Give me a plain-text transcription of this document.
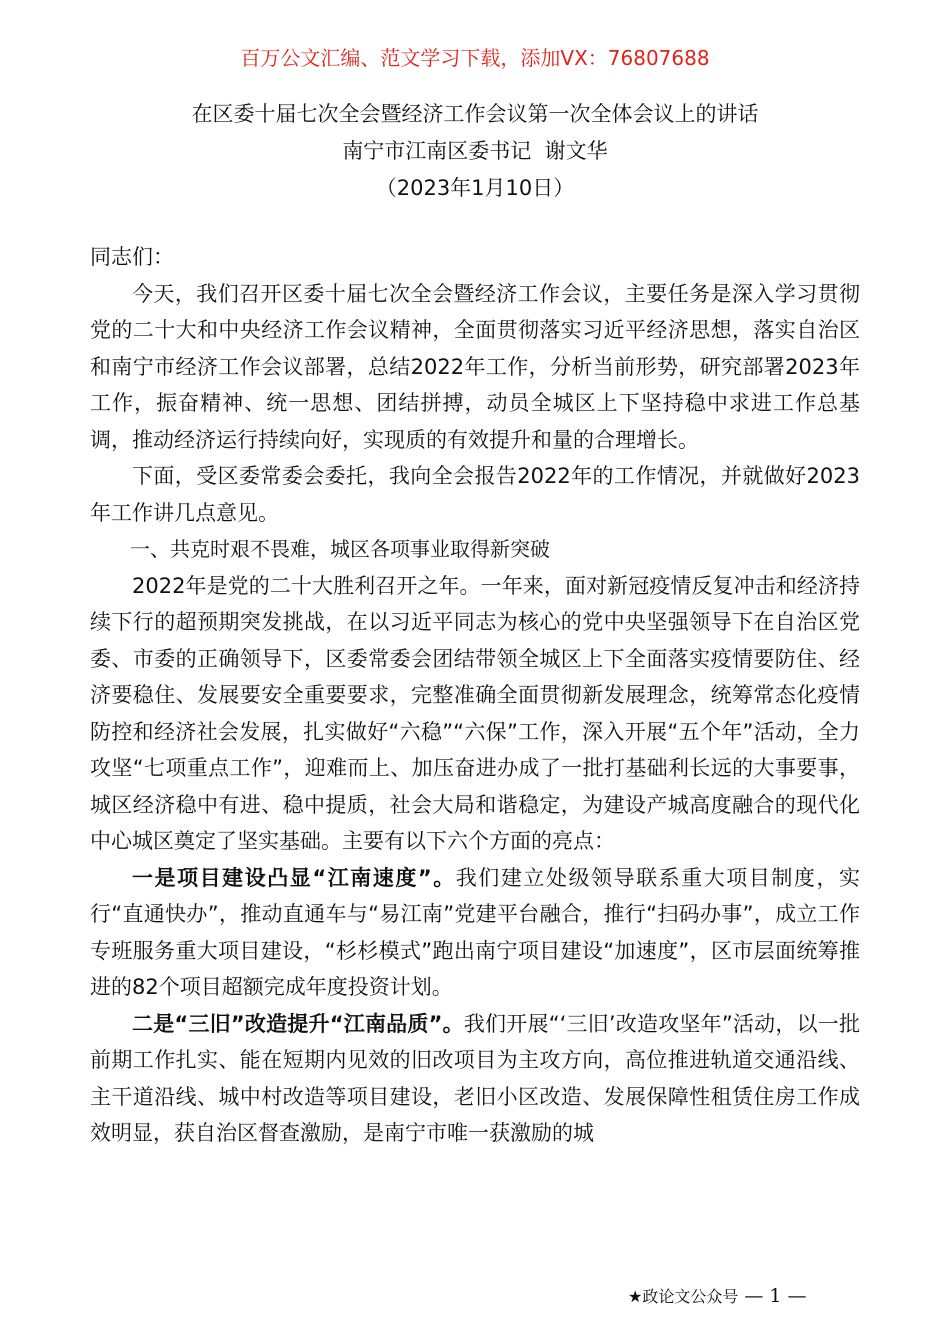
百万公文汇编、范文学习下载，添加VX：76807688
在区委十届七次全会暨经济工作会议第一次全体会议上的讲话
南宁市江南区委书记  谢文华
（2023年1月10日）

同志们：

今天，我们召开区委十届七次全会暨经济工作会议，主要任务是深入学习贯彻党的二十大和中央经济工作会议精神，全面贯彻落实习近平经济思想，落实自治区和南宁市经济工作会议部署，总结2022年工作，分析当前形势，研究部署2023年工作，振奋精神、统一思想、团结拼搏，动员全城区上下坚持稳中求进工作总基调，推动经济运行持续向好，实现质的有效提升和量的合理增长。

下面，受区委常委会委托，我向全会报告2022年的工作情况，并就做好2023年工作讲几点意见。

一、共克时艰不畏难，城区各项事业取得新突破

2022年是党的二十大胜利召开之年。一年来，面对新冠疫情反复冲击和经济持续下行的超预期突发挑战，在以习近平同志为核心的党中央坚强领导下在自治区党委、市委的正确领导下，区委常委会团结带领全城区上下全面落实疫情要防住、经济要稳住、发展要安全重要要求，完整准确全面贯彻新发展理念，统筹常态化疫情防控和经济社会发展，扎实做好“六稳”“六保”工作，深入开展“五个年”活动，全力攻坚“七项重点工作”，迎难而上、加压奋进办成了一批打基础利长远的大事要事，城区经济稳中有进、稳中提质，社会大局和谐稳定，为建设产城高度融合的现代化中心城区奠定了坚实基础。主要有以下六个方面的亮点：

一是项目建设凸显“江南速度”。我们建立处级领导联系重大项目制度，实行“直通快办”，推动直通车与“易江南”党建平台融合，推行“扫码办事”，成立工作专班服务重大项目建设，“杉杉模式”跑出南宁项目建设“加速度”，区市层面统筹推进的82个项目超额完成年度投资计划。

二是“三旧”改造提升“江南品质”。我们开展“‘三旧’改造攻坚年”活动，以一批前期工作扎实、能在短期内见效的旧改项目为主攻方向，高位推进轨道交通沿线、主干道沿线、城中村改造等项目建设，老旧小区改造、发展保障性租赁住房工作成效明显，获自治区督查激励，是南宁市唯一获激励的城

★政论文公众号 — 1 —
